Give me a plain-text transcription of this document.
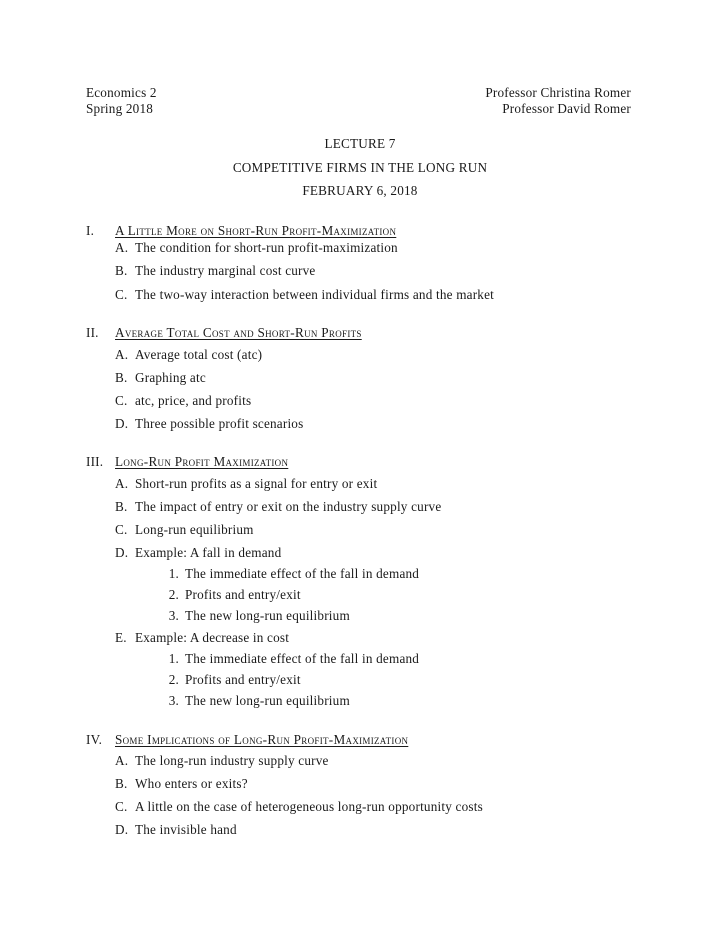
Economics 2	Professor Christina Romer
Spring 2018	Professor David Romer
LECTURE 7
COMPETITIVE FIRMS IN THE LONG RUN
FEBRUARY 6, 2018
I.	A Little More on Short-Run Profit-Maximization
A. The condition for short-run profit-maximization
B. The industry marginal cost curve
C. The two-way interaction between individual firms and the market
II.	Average Total Cost and Short-Run Profits
A. Average total cost (atc)
B. Graphing atc
C. atc, price, and profits
D. Three possible profit scenarios
III. Long-Run Profit Maximization
A. Short-run profits as a signal for entry or exit
B. The impact of entry or exit on the industry supply curve
C. Long-run equilibrium
D. Example: A fall in demand
1. The immediate effect of the fall in demand
2. Profits and entry/exit
3. The new long-run equilibrium
E. Example: A decrease in cost
1. The immediate effect of the fall in demand
2. Profits and entry/exit
3. The new long-run equilibrium
IV. Some Implications of Long-Run Profit-Maximization
A. The long-run industry supply curve
B. Who enters or exits?
C. A little on the case of heterogeneous long-run opportunity costs
D. The invisible hand
